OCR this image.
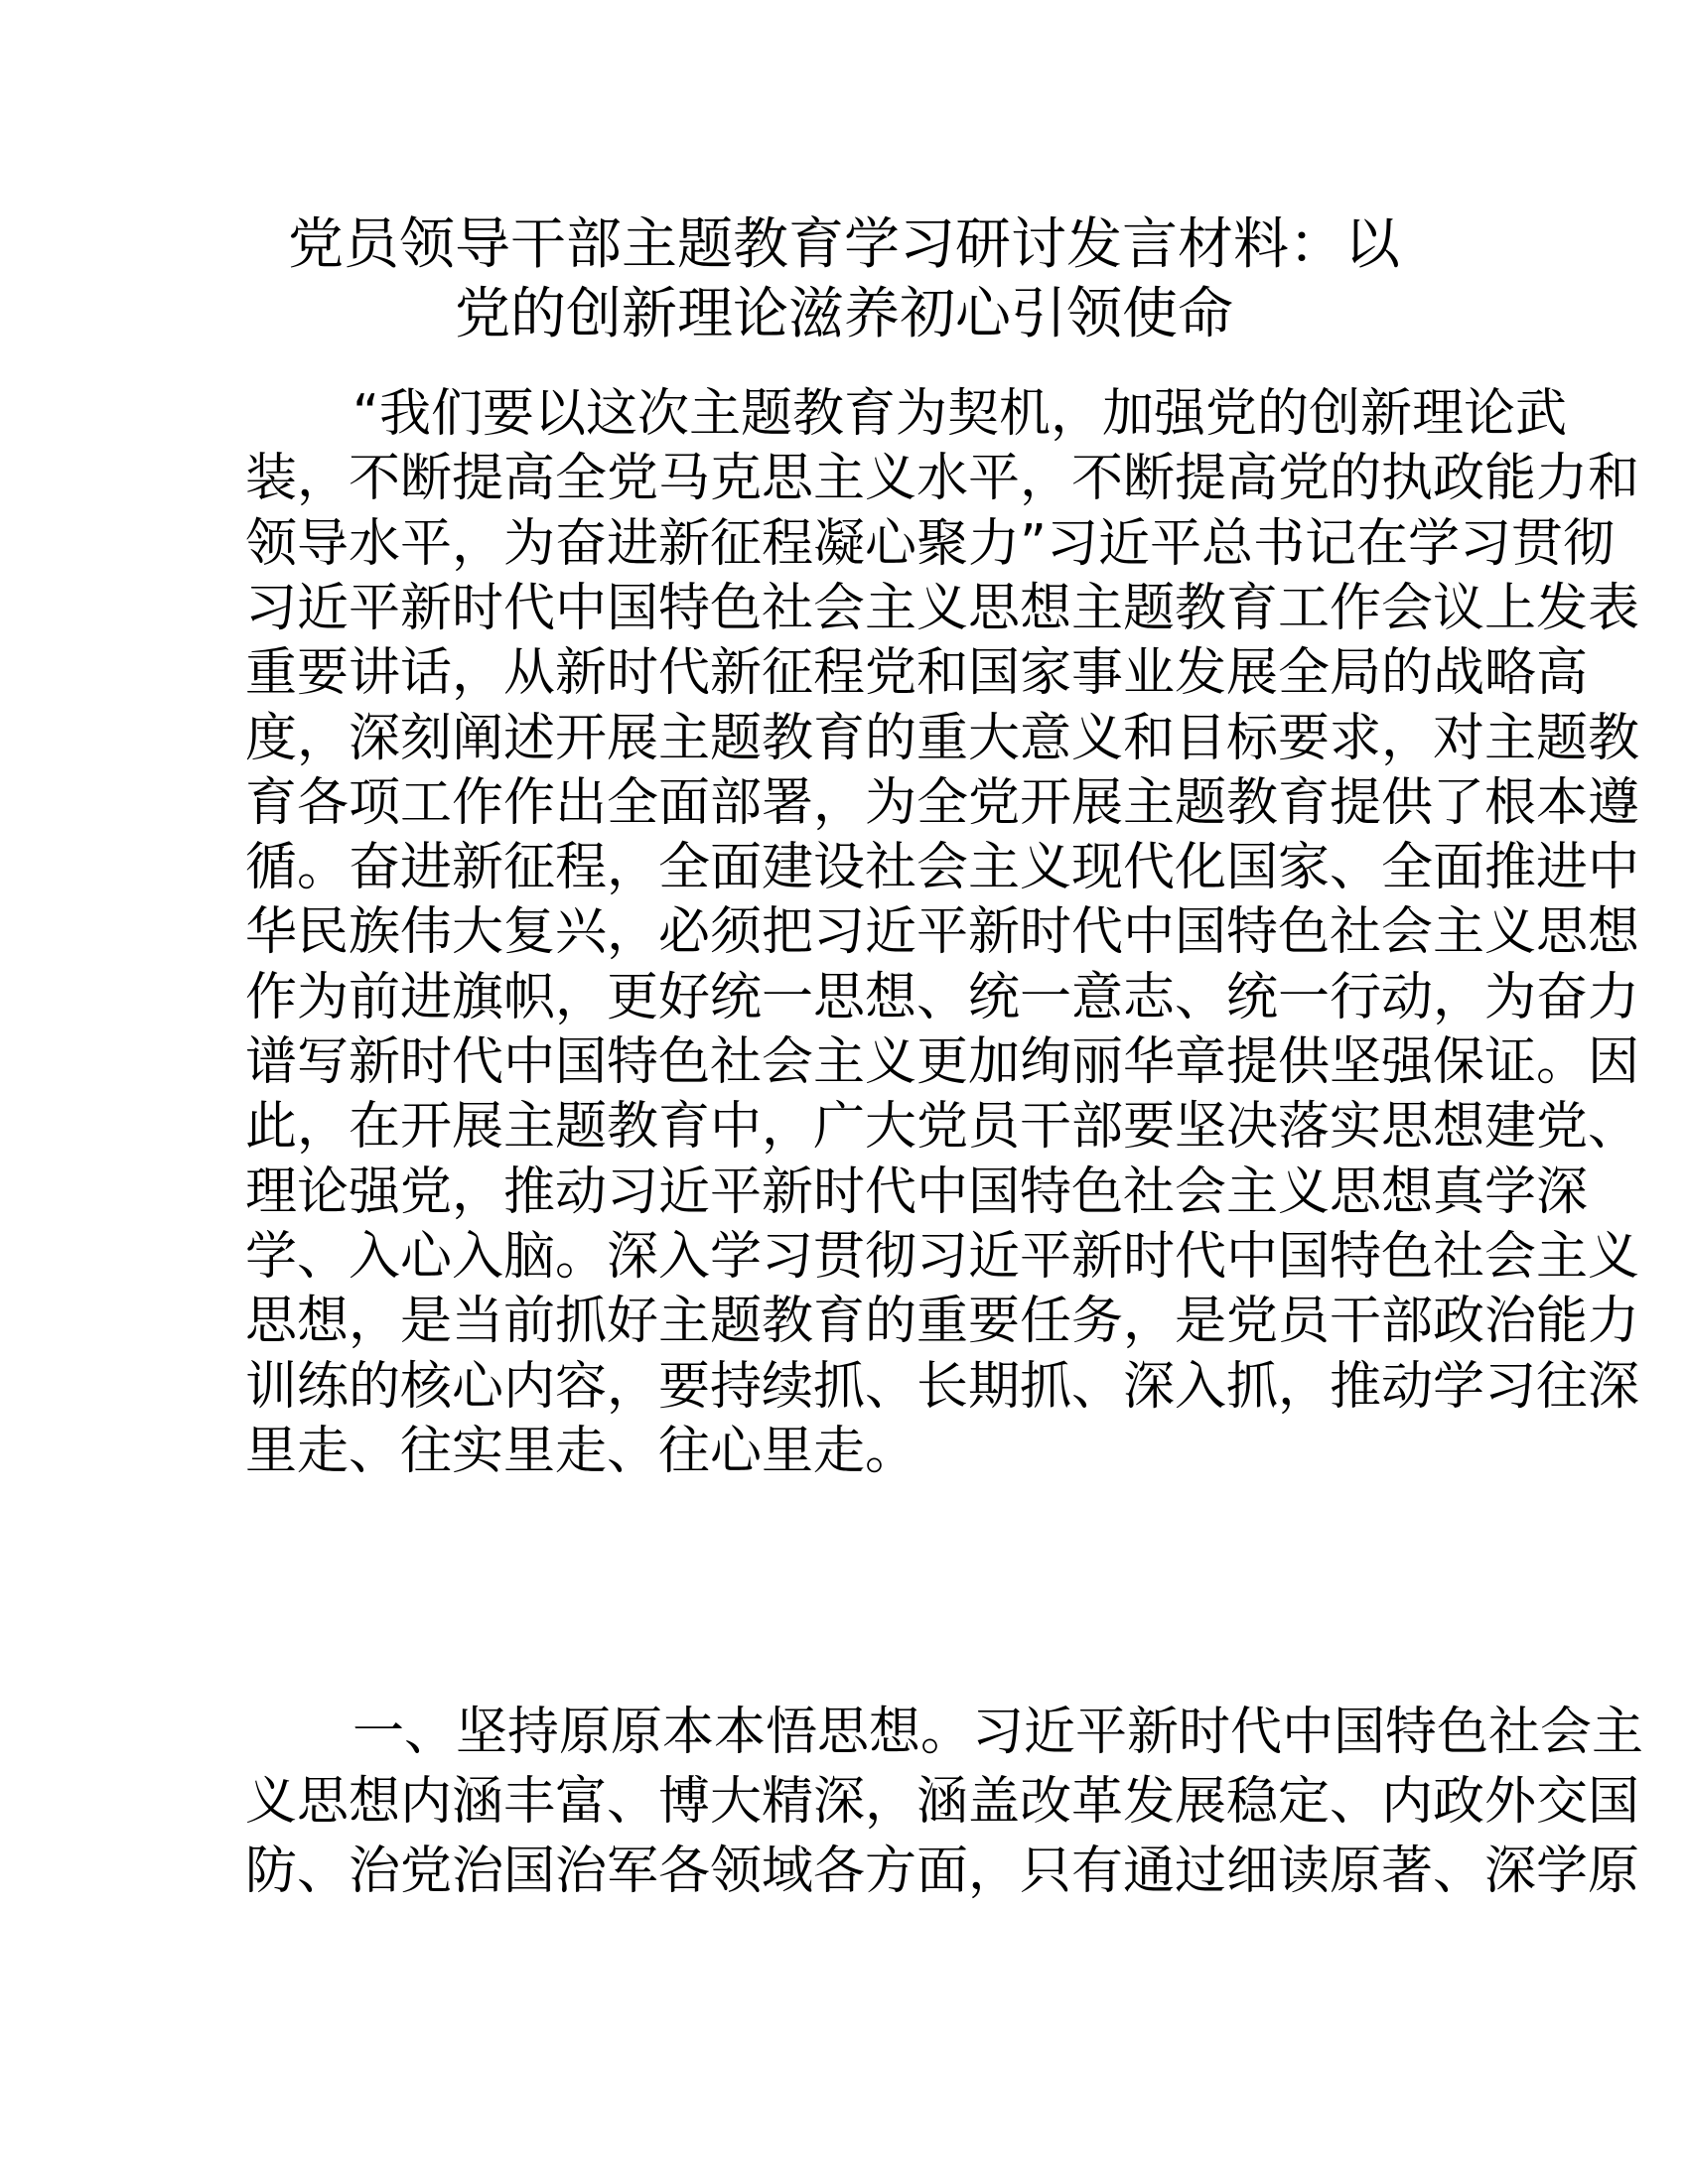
党员领导干部主题教育学习研讨发言材料：以
党的创新理论滋养初心引领使命
“我们要以这次主题教育为契机，加强党的创新理论武
装，不断提高全党马克思主义水平，不断提高党的执政能力和
领导水平，为奋进新征程凝心聚力”习近平总书记在学习贯彻
习近平新时代中国特色社会主义思想主题教育工作会议上发表
重要讲话，从新时代新征程党和国家事业发展全局的战略高
度，深刻阐述开展主题教育的重大意义和目标要求，对主题教
育各项工作作出全面部署，为全党开展主题教育提供了根本遵
循。奋进新征程，全面建设社会主义现代化国家、全面推进中
华民族伟大复兴，必须把习近平新时代中国特色社会主义思想
作为前进旗帜，更好统一思想、统一意志、统一行动，为奋力
谱写新时代中国特色社会主义更加绚丽华章提供坚强保证。因
此，在开展主题教育中，广大党员干部要坚决落实思想建党、
理论强党，推动习近平新时代中国特色社会主义思想真学深
学、入心入脑。深入学习贯彻习近平新时代中国特色社会主义
思想，是当前抓好主题教育的重要任务，是党员干部政治能力
训练的核心内容，要持续抓、长期抓、深入抓，推动学习往深
里走、往实里走、往心里走。
一、坚持原原本本悟思想。习近平新时代中国特色社会主
义思想内涵丰富、博大精深，涵盖改革发展稳定、内政外交国
防、治党治国治军各领域各方面，只有通过细读原著、深学原
